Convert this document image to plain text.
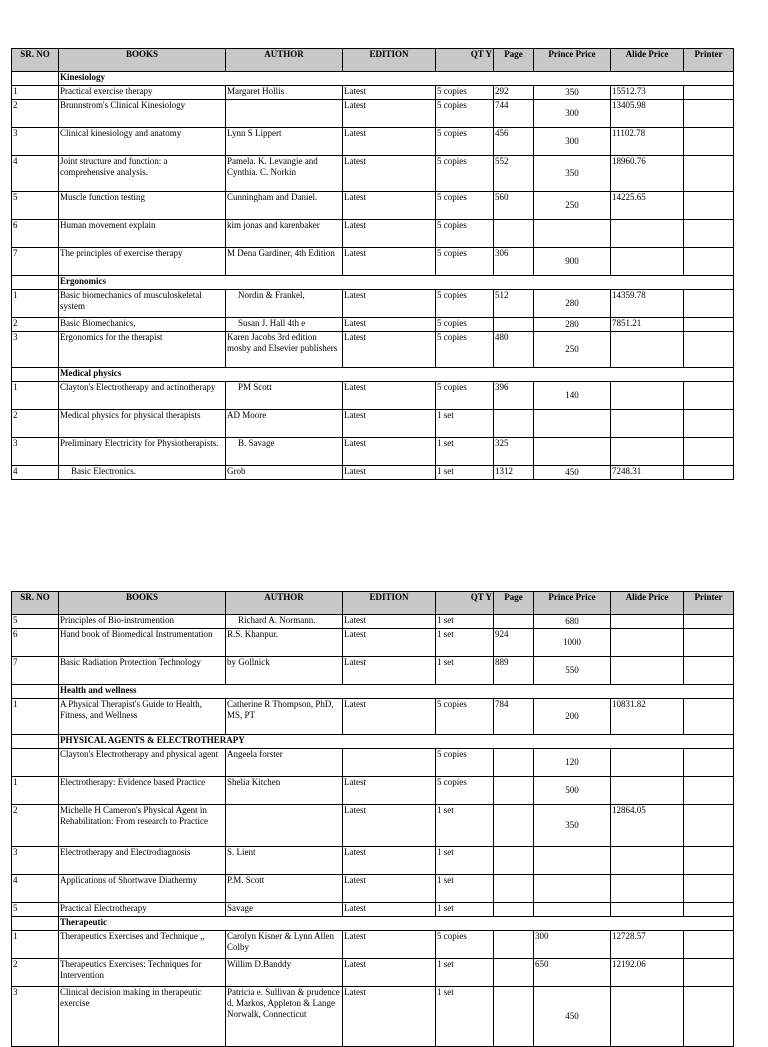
SR. NO	BOOKS	AUTHOR	EDITION	QT Y	Page	Prince Price	Alide Price	Printer
	Kinesiology							
1	Practical exercise therapy	Margaret Hollis	Latest	5 copies	292	350	15512.73	
2	Brunnstrom's Clinical Kinesiology		Latest	5 copies	744	300	13405.98	
3	Clinical kinesiology and anatomy	Lynn S Lippert	Latest	5 copies	456	300	11102.78	
4	Joint structure and function: a comprehensive analysis.	Pamela. K. Levangie and Cynthia. C. Norkin	Latest	5 copies	552	350	18960.76	
5	Muscle function testing	Cunningham and Daniel.	Latest	5 copies	560	250	14225.65	
6	Human movement explain	kim jonas and karenbaker	Latest	5 copies				
7	The principles of exercise therapy	M Dena Gardiner, 4th Edition	Latest	5 copies	306	900		
	Ergonomics							
1	Basic biomechanics of musculoskeletal system	Nordin & Frankel,	Latest	5 copies	512	280	14359.78	
2	Basic Biomechanics,	Susan J. Hall 4th e	Latest	5 copies		280	7851.21	
3	Ergonomics for the therapist	Karen Jacobs 3rd edition mosby and Elsevier publishers	Latest	5 copies	480	250		
	Medical physics							
1	Clayton's Electrotherapy and actinotherapy	PM Scott	Latest	5 copies	396	140		
2	Medical physics for physical therapists	AD Moore	Latest	1 set				
3	Preliminary Electricity for Physiotherapists.	B. Savage	Latest	1 set	325			
4	Basic Electronics.	Grob	Latest	1 set	1312	450	7248.31	
SR. NO	BOOKS	AUTHOR	EDITION	QT Y	Page	Prince Price	Alide Price	Printer
5	Principles of Bio-instrumention	Richard A. Normann.	Latest	1 set		680		
6	Hand book of Biomedical Instrumentation	R.S. Khanpur.	Latest	1 set	924	1000		
7	Basic Radiation Protection Technology	by Gollnick	Latest	1 set	889	550		
	Health and wellness							
1	A Physical Therapist's Guide to Health, Fitness, and Wellness	Catherine R Thompson, PhD, MS, PT	Latest	5 copies	784	200	10831.82	
	PHYSICAL AGENTS & ELECTROTHERAPY							
	Clayton's Electrotherapy and physical agent	Angeela forster		5 copies		120		
1	Electrotherapy: Evidence based Practice	Shelia Kitchen	Latest	5 copies		500		
2	Michelle H Cameron's Physical Agent in Rehabilitation: From research to Practice		Latest	1 set		350	12864.05	
3	Electrotherapy and Electrodiagnosis	S. Lient	Latest	1 set				
4	Applications of Shortwave Diathermy	P.M. Scott	Latest	1 set				
5	Practical Electrotherapy	Savage	Latest	1 set				
	Therapeutic							
1	Therapeutics Exercises and Technique ,,	Carolyn Kisner & Lynn Allen Colby	Latest	5 copies		300	12728.57	
2	Therapeutics Exercises: Techniques for Intervention	Willim D.Banddy	Latest	1 set		650	12192.06	
3	Clinical decision making in therapeutic exercise	Patricia e. Sullivan & prudence d. Markos, Appleton & Lange Norwalk, Connecticut	Latest	1 set		450		
